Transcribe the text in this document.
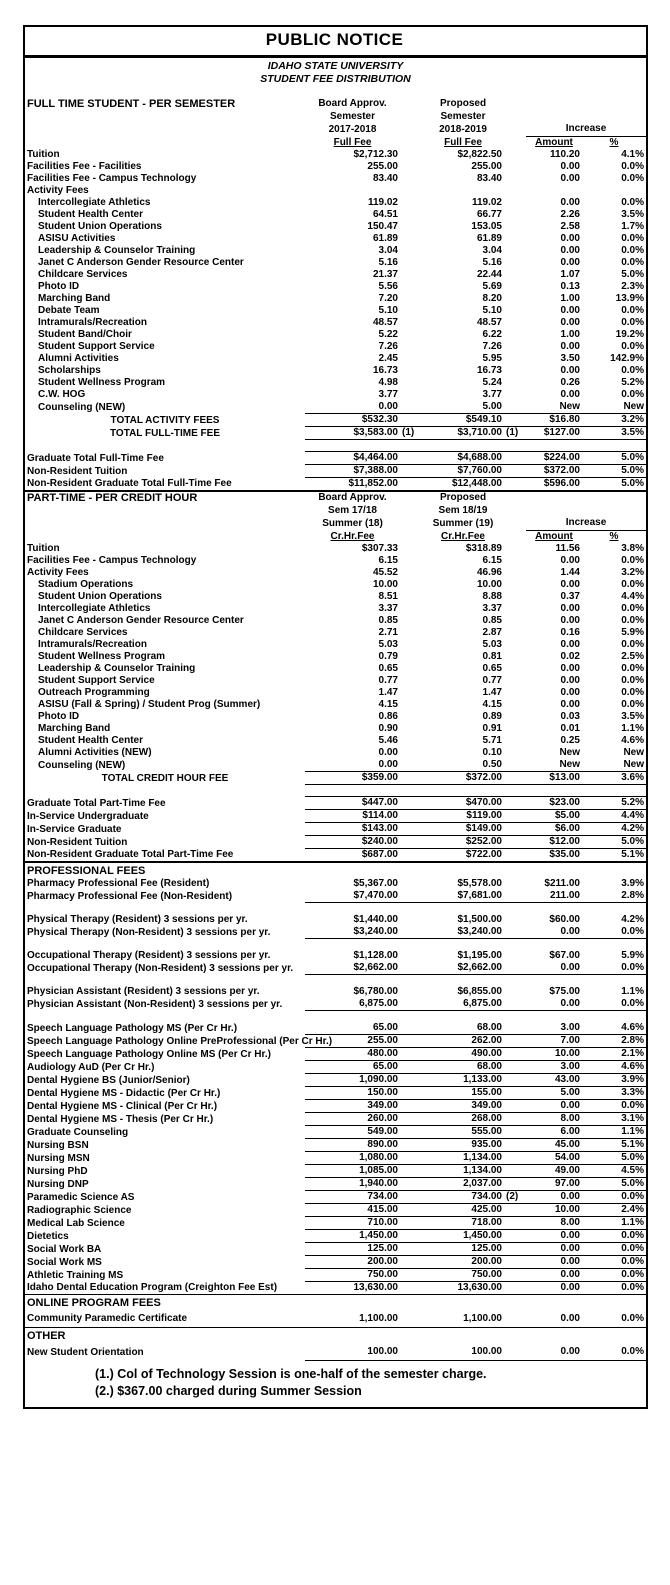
PUBLIC NOTICE
IDAHO STATE UNIVERSITY
STUDENT FEE DISTRIBUTION
FULL TIME STUDENT - PER SEMESTER	Board Approv.		Proposed			
	Semester		Semester			
	2017-2018		2018-2019		Increase	
	Full Fee		Full Fee		Amount	%
Tuition	$2,712.30		$2,822.50		110.20	4.1%
Facilities Fee - Facilities	255.00		255.00		0.00	0.0%
Facilities Fee - Campus Technology	83.40		83.40		0.00	0.0%
Activity Fees						
Intercollegiate Athletics	119.02		119.02		0.00	0.0%
Student Health Center	64.51		66.77		2.26	3.5%
Student Union Operations	150.47		153.05		2.58	1.7%
ASISU Activities	61.89		61.89		0.00	0.0%
Leadership & Counselor Training	3.04		3.04		0.00	0.0%
Janet C Anderson Gender Resource Center	5.16		5.16		0.00	0.0%
Childcare Services	21.37		22.44		1.07	5.0%
Photo ID	5.56		5.69		0.13	2.3%
Marching Band	7.20		8.20		1.00	13.9%
Debate Team	5.10		5.10		0.00	0.0%
Intramurals/Recreation	48.57		48.57		0.00	0.0%
Student Band/Choir	5.22		6.22		1.00	19.2%
Student Support Service	7.26		7.26		0.00	0.0%
Alumni Activities	2.45		5.95		3.50	142.9%
Scholarships	16.73		16.73		0.00	0.0%
Student Wellness Program	4.98		5.24		0.26	5.2%
C.W. HOG	3.77		3.77		0.00	0.0%
Counseling (NEW)	0.00		5.00		New	New
TOTAL ACTIVITY FEES	$532.30		$549.10		$16.80	3.2%
TOTAL FULL-TIME FEE	$3,583.00	(1)	$3,710.00	(1)	$127.00	3.5%

Graduate Total Full-Time Fee	$4,464.00		$4,688.00		$224.00	5.0%
Non-Resident Tuition	$7,388.00		$7,760.00		$372.00	5.0%
Non-Resident Graduate Total Full-Time Fee	$11,852.00		$12,448.00		$596.00	5.0%
PART-TIME - PER CREDIT HOUR	Board Approv.		Proposed			
	Sem 17/18		Sem 18/19			
	Summer (18)		Summer (19)		Increase	
	Cr.Hr.Fee		Cr.Hr.Fee		Amount	%
Tuition	$307.33		$318.89		11.56	3.8%
Facilities Fee - Campus Technology	6.15		6.15		0.00	0.0%
Activity Fees	45.52		46.96		1.44	3.2%
Stadium Operations	10.00		10.00		0.00	0.0%
Student Union Operations	8.51		8.88		0.37	4.4%
Intercollegiate Athletics	3.37		3.37		0.00	0.0%
Janet C Anderson Gender Resource Center	0.85		0.85		0.00	0.0%
Childcare Services	2.71		2.87		0.16	5.9%
Intramurals/Recreation	5.03		5.03		0.00	0.0%
Student Wellness Program	0.79		0.81		0.02	2.5%
Leadership & Counselor Training	0.65		0.65		0.00	0.0%
Student Support Service	0.77		0.77		0.00	0.0%
Outreach Programming	1.47		1.47		0.00	0.0%
ASISU (Fall & Spring) / Student Prog (Summer)	4.15		4.15		0.00	0.0%
Photo ID	0.86		0.89		0.03	3.5%
Marching Band	0.90		0.91		0.01	1.1%
Student Health Center	5.46		5.71		0.25	4.6%
Alumni Activities (NEW)	0.00		0.10		New	New
Counseling (NEW)	0.00		0.50		New	New
TOTAL CREDIT HOUR FEE	$359.00		$372.00		$13.00	3.6%

Graduate Total Part-Time Fee	$447.00		$470.00		$23.00	5.2%
In-Service Undergraduate	$114.00		$119.00		$5.00	4.4%
In-Service Graduate	$143.00		$149.00		$6.00	4.2%
Non-Resident Tuition	$240.00		$252.00		$12.00	5.0%
Non-Resident Graduate Total Part-Time Fee	$687.00		$722.00		$35.00	5.1%
PROFESSIONAL FEES						
Pharmacy Professional Fee (Resident)	$5,367.00		$5,578.00		$211.00	3.9%
Pharmacy Professional Fee (Non-Resident)	$7,470.00		$7,681.00		211.00	2.8%

Physical Therapy (Resident) 3 sessions per yr.	$1,440.00		$1,500.00		$60.00	4.2%
Physical Therapy (Non-Resident) 3 sessions per yr.	$3,240.00		$3,240.00		0.00	0.0%

Occupational Therapy (Resident) 3 sessions per yr.	$1,128.00		$1,195.00		$67.00	5.9%
Occupational Therapy (Non-Resident) 3 sessions per yr.	$2,662.00		$2,662.00		0.00	0.0%

Physician Assistant (Resident) 3 sessions per yr.	$6,780.00		$6,855.00		$75.00	1.1%
Physician Assistant (Non-Resident) 3 sessions per yr.	6,875.00		6,875.00		0.00	0.0%

Speech Language Pathology MS (Per Cr Hr.)	65.00		68.00		3.00	4.6%
Speech Language Pathology Online PreProfessional (Per Cr Hr.)	255.00		262.00		7.00	2.8%
Speech Language Pathology Online MS (Per Cr Hr.)	480.00		490.00		10.00	2.1%
Audiology AuD (Per Cr Hr.)	65.00		68.00		3.00	4.6%
Dental Hygiene BS (Junior/Senior)	1,090.00		1,133.00		43.00	3.9%
Dental Hygiene MS - Didactic (Per Cr Hr.)	150.00		155.00		5.00	3.3%
Dental Hygiene MS - Clinical (Per Cr Hr.)	349.00		349.00		0.00	0.0%
Dental Hygiene MS - Thesis (Per Cr Hr.)	260.00		268.00		8.00	3.1%
Graduate Counseling	549.00		555.00		6.00	1.1%
Nursing BSN	890.00		935.00		45.00	5.1%
Nursing MSN	1,080.00		1,134.00		54.00	5.0%
Nursing PhD	1,085.00		1,134.00		49.00	4.5%
Nursing DNP	1,940.00		2,037.00		97.00	5.0%
Paramedic Science AS	734.00		734.00	(2)	0.00	0.0%
Radiographic Science	415.00		425.00		10.00	2.4%
Medical Lab Science	710.00		718.00		8.00	1.1%
Dietetics	1,450.00		1,450.00		0.00	0.0%
Social Work BA	125.00		125.00		0.00	0.0%
Social Work MS	200.00		200.00		0.00	0.0%
Athletic Training MS	750.00		750.00		0.00	0.0%
Idaho Dental Education Program (Creighton Fee Est)	13,630.00		13,630.00		0.00	0.0%
ONLINE PROGRAM FEES						
Community Paramedic Certificate	1,100.00		1,100.00		0.00	0.0%
OTHER						
New Student Orientation	100.00		100.00		0.00	0.0%
(1.) Col of Technology Session is one-half of the semester charge.
(2.) $367.00 charged during Summer Session
